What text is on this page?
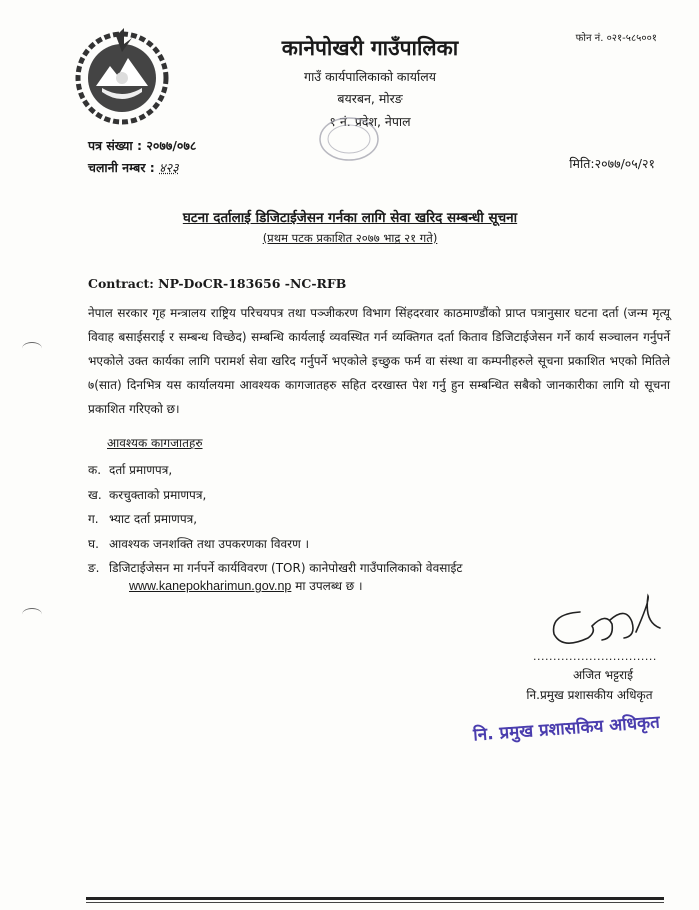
फोन नं. ०२१-५८५००१
कानेपोखरी गाउँपालिका
गाउँ कार्यपालिकाको कार्यालय
बयरबन, मोरङ
१ नं. प्रदेश, नेपाल
पत्र संख्या : २०७७/०७८
चलानी नम्बर : ४२३	मिति:२०७७/०५/२१
घटना दर्तालाई डिजिटाईजेसन गर्नका लागि सेवा खरिद सम्बन्धी सूचना
(प्रथम पटक प्रकाशित २०७७ भाद्र २१ गते)
Contract: NP-DoCR-183656 -NC-RFB
नेपाल सरकार गृह मन्त्रालय राष्ट्रिय परिचयपत्र तथा पञ्जीकरण विभाग सिंहदरवार काठमाण्डौंको प्राप्त पत्रानुसार घटना दर्ता (जन्म मृत्यू विवाह बसाईसराई र सम्बन्ध विच्छेद) सम्बन्धि कार्यलाई व्यवस्थित गर्न व्यक्तिगत दर्ता किताव डिजिटाईजेसन गर्ने कार्य सञ्चालन गर्नुपर्ने भएकोले उक्त कार्यका लागि परामर्श सेवा खरिद गर्नुपर्ने भएकोले इच्छुक फर्म वा संस्था वा कम्पनीहरुले सूचना प्रकाशित भएको मितिले ७(सात) दिनभित्र यस कार्यालयमा आवश्यक कागजातहरु सहित दरखास्त पेश गर्नु हुन सम्बन्धित सबैको जानकारीका लागि यो सूचना प्रकाशित गरिएको छ।
आवश्यक कागजातहरु
क. दर्ता प्रमाणपत्र,
ख. करचुक्ताको प्रमाणपत्र,
ग. भ्याट दर्ता प्रमाणपत्र,
घ. आवश्यक जनशक्ति तथा उपकरणका विवरण ।
ङ. डिजिटाईजेसन मा गर्नपर्ने कार्यविवरण (TOR) कानेपोखरी गाउँपालिकाको वेवसाईट
www.kanepokharimun.gov.np मा उपलब्ध छ ।
...............................
अजित भट्टराई
नि.प्रमुख प्रशासकीय अधिकृत
नि. प्रमुख प्रशासकिय अधिकृत
